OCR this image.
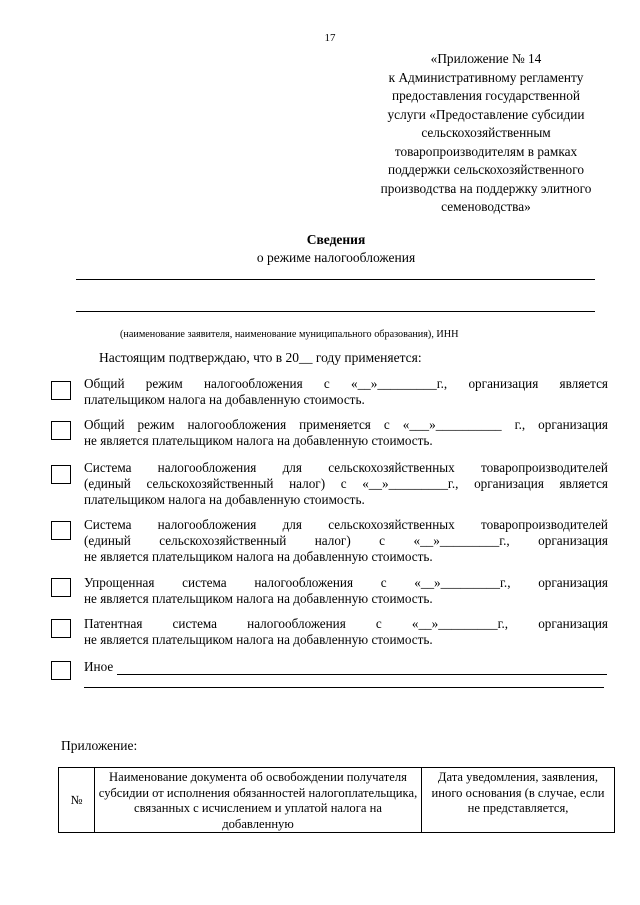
17
«Приложение № 14
к Административному регламенту
предоставления государственной
услуги «Предоставление субсидии
сельскохозяйственным
товаропроизводителям в рамках
поддержки сельскохозяйственного
производства на поддержку элитного
семеноводства»
Сведения
о режиме налогообложения
(наименование заявителя, наименование муниципального образования), ИНН
Настоящим подтверждаю, что в 20__ году применяется:
Общий режим налогообложения с «__»_________г., организация является
плательщиком налога на добавленную стоимость.
Общий режим налогообложения применяется с «___»__________ г., организация
не является плательщиком налога на добавленную стоимость.
Система налогообложения для сельскохозяйственных товаропроизводителей
(единый сельскохозяйственный налог) с «__»_________г., организация является
плательщиком налога на добавленную стоимость.
Система налогообложения для сельскохозяйственных товаропроизводителей
(единый сельскохозяйственный налог) с «__»_________г., организация
не является плательщиком налога на добавленную стоимость.
Упрощенная система налогообложения с «__»_________г., организация
не является плательщиком налога на добавленную стоимость.
Патентная система налогообложения с «__»_________г., организация
не является плательщиком налога на добавленную стоимость.
Иное
Приложение:
№	Наименование документа об освобождении получателя субсидии от исполнения обязанностей налогоплательщика, связанных с исчислением и уплатой налога на добавленную	Дата уведомления, заявления, иного основания (в случае, если не представляется,
